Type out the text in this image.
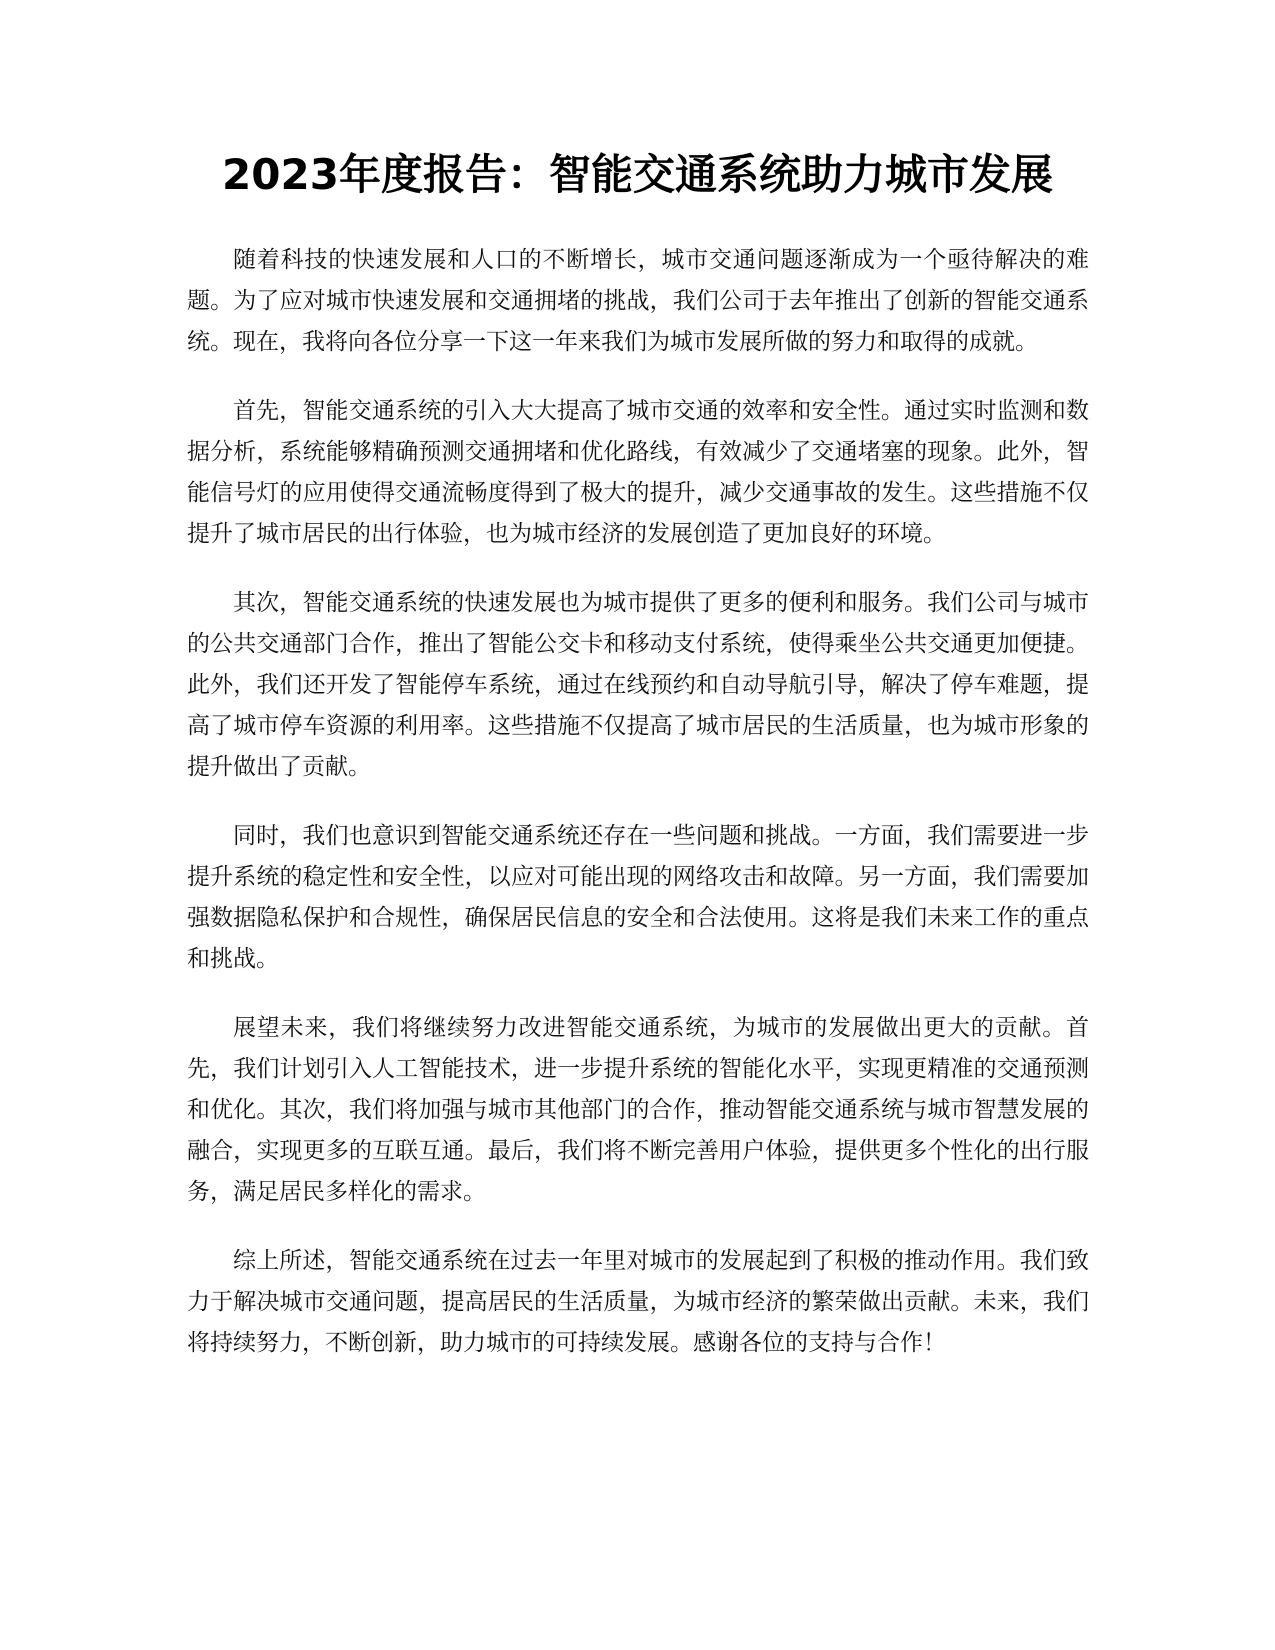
2023年度报告：智能交通系统助力城市发展

随着科技的快速发展和人口的不断增长，城市交通问题逐渐成为一个亟待解决的难题。为了应对城市快速发展和交通拥堵的挑战，我们公司于去年推出了创新的智能交通系统。现在，我将向各位分享一下这一年来我们为城市发展所做的努力和取得的成就。

首先，智能交通系统的引入大大提高了城市交通的效率和安全性。通过实时监测和数据分析，系统能够精确预测交通拥堵和优化路线，有效减少了交通堵塞的现象。此外，智能信号灯的应用使得交通流畅度得到了极大的提升，减少交通事故的发生。这些措施不仅提升了城市居民的出行体验，也为城市经济的发展创造了更加良好的环境。

其次，智能交通系统的快速发展也为城市提供了更多的便利和服务。我们公司与城市的公共交通部门合作，推出了智能公交卡和移动支付系统，使得乘坐公共交通更加便捷。此外，我们还开发了智能停车系统，通过在线预约和自动导航引导，解决了停车难题，提高了城市停车资源的利用率。这些措施不仅提高了城市居民的生活质量，也为城市形象的提升做出了贡献。

同时，我们也意识到智能交通系统还存在一些问题和挑战。一方面，我们需要进一步提升系统的稳定性和安全性，以应对可能出现的网络攻击和故障。另一方面，我们需要加强数据隐私保护和合规性，确保居民信息的安全和合法使用。这将是我们未来工作的重点和挑战。

展望未来，我们将继续努力改进智能交通系统，为城市的发展做出更大的贡献。首先，我们计划引入人工智能技术，进一步提升系统的智能化水平，实现更精准的交通预测和优化。其次，我们将加强与城市其他部门的合作，推动智能交通系统与城市智慧发展的融合，实现更多的互联互通。最后，我们将不断完善用户体验，提供更多个性化的出行服务，满足居民多样化的需求。

综上所述，智能交通系统在过去一年里对城市的发展起到了积极的推动作用。我们致力于解决城市交通问题，提高居民的生活质量，为城市经济的繁荣做出贡献。未来，我们将持续努力，不断创新，助力城市的可持续发展。感谢各位的支持与合作！
